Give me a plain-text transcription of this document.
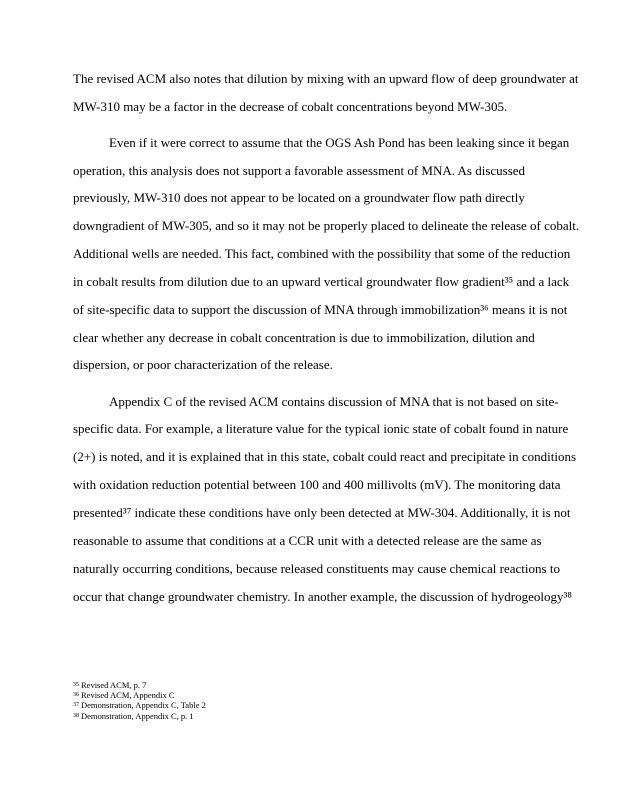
The revised ACM also notes that dilution by mixing with an upward flow of deep groundwater at

MW-310 may be a factor in the decrease of cobalt concentrations beyond MW-305.

Even if it were correct to assume that the OGS Ash Pond has been leaking since it began

operation, this analysis does not support a favorable assessment of MNA. As discussed

previously, MW-310 does not appear to be located on a groundwater flow path directly

downgradient of MW-305, and so it may not be properly placed to delineate the release of cobalt.

Additional wells are needed. This fact, combined with the possibility that some of the reduction

in cobalt results from dilution due to an upward vertical groundwater flow gradient³⁵ and a lack

of site-specific data to support the discussion of MNA through immobilization³⁶ means it is not

clear whether any decrease in cobalt concentration is due to immobilization, dilution and

dispersion, or poor characterization of the release.

Appendix C of the revised ACM contains discussion of MNA that is not based on site-

specific data. For example, a literature value for the typical ionic state of cobalt found in nature

(2+) is noted, and it is explained that in this state, cobalt could react and precipitate in conditions

with oxidation reduction potential between 100 and 400 millivolts (mV). The monitoring data

presented³⁷ indicate these conditions have only been detected at MW-304. Additionally, it is not

reasonable to assume that conditions at a CCR unit with a detected release are the same as

naturally occurring conditions, because released constituents may cause chemical reactions to

occur that change groundwater chemistry. In another example, the discussion of hydrogeology³⁸

$^{35}$ Revised ACM, p. 7
$^{36}$ Revised ACM, Appendix C
$^{37}$ Demonstration, Appendix C, Table 2
$^{38}$ Demonstration, Appendix C, p. 1
